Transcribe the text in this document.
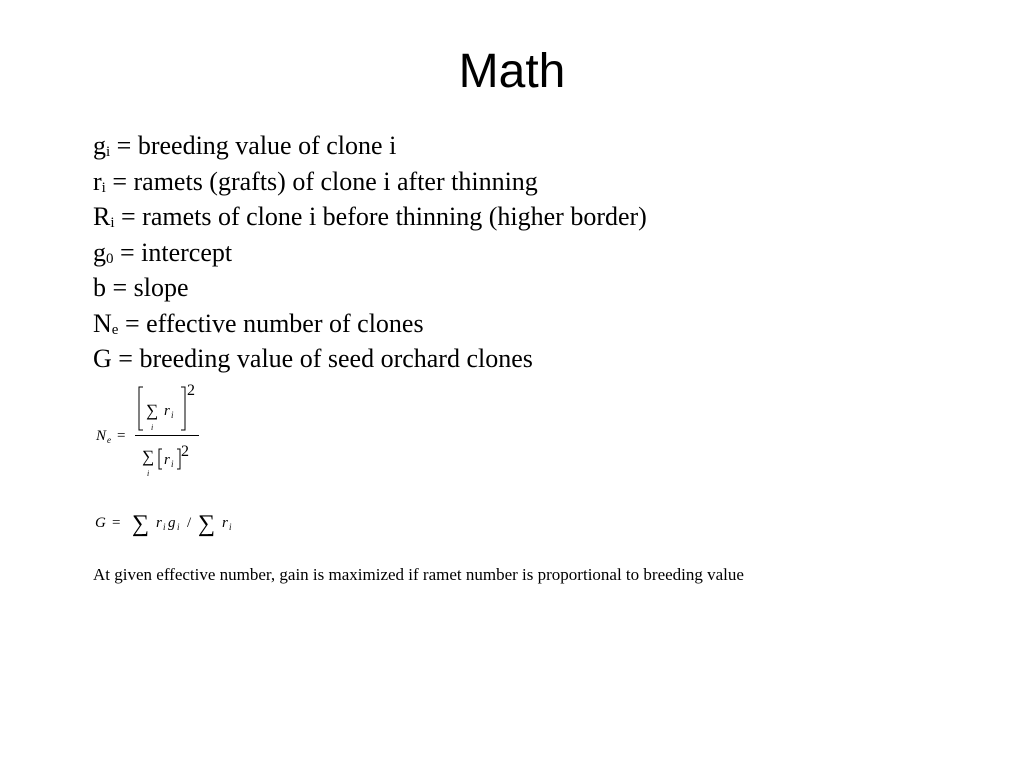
Math
$g_i$ = breeding value of clone i
$r_i$ = ramets (grafts) of clone i after thinning
$R_i$ = ramets of clone i before thinning (higher border)
$g_0$ = intercept
b = slope
$N_e$ = effective number of clones
G = breeding value of seed orchard clones
N e =
∑
i
r i
2
∑
i
r i
2
G = ∑ r i g i / ∑ r i
At given effective number, gain is maximized if ramet number is proportional to breeding value
